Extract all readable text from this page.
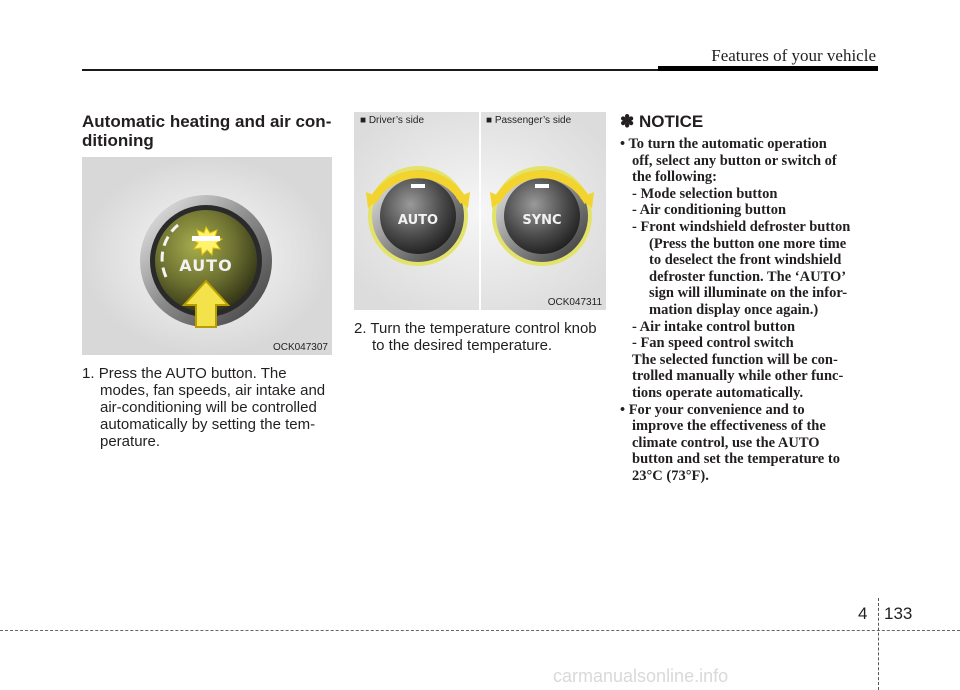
Features of your vehicle
Automatic heating and air con-
ditioning
AUTO
OCK047307
1. Press the AUTO button. The
modes, fan speeds, air intake and
air-conditioning will be controlled
automatically by setting the tem-
perature.
AUTO	SYNC
■ Driver’s side	■ Passenger’s side
OCK047311
2. Turn the temperature control knob
to the desired temperature.
✽ NOTICE
• To turn the automatic operation
off, select any button or switch of
the following:
- Mode selection button
- Air conditioning button
- Front windshield defroster button
(Press the button one more time
to deselect the front windshield
defroster function. The ‘AUTO’
sign will illuminate on the infor-
mation display once again.)
- Air intake control button
- Fan speed control switch
The selected function will be con-
trolled manually while other func-
tions operate automatically.
• For your convenience and to
improve the effectiveness of the
climate control, use the AUTO
button and set the temperature to
23°C (73°F).
4 133
carmanualsonline.info
